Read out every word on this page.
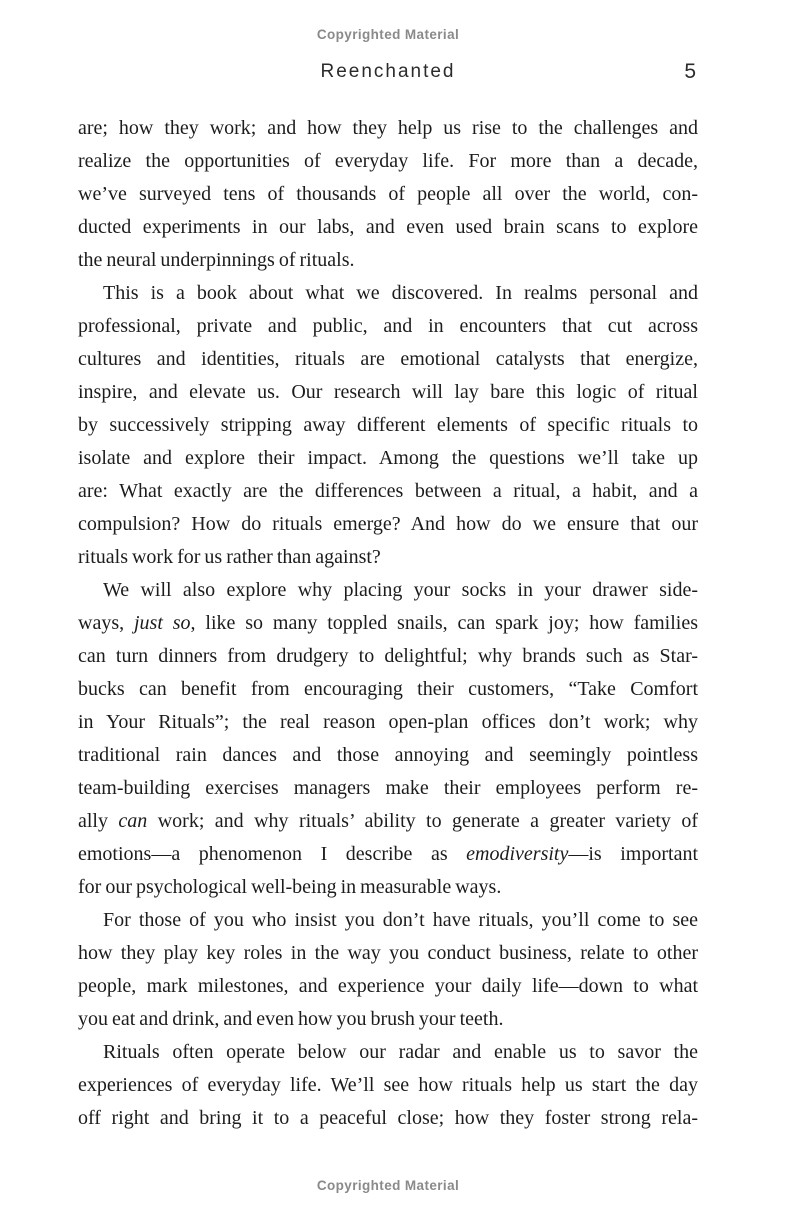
Copyrighted Material
Reenchanted	5
are; how they work; and how they help us rise to the challenges and
realize the opportunities of everyday life. For more than a decade,
we’ve surveyed tens of thousands of people all over the world, con-
ducted experiments in our labs, and even used brain scans to explore
the neural underpinnings of rituals.
This is a book about what we discovered. In realms personal and
professional, private and public, and in encounters that cut across
cultures and identities, rituals are emotional catalysts that energize,
inspire, and elevate us. Our research will lay bare this logic of ritual
by successively stripping away different elements of specific rituals to
isolate and explore their impact. Among the questions we’ll take up
are: What exactly are the differences between a ritual, a habit, and a
compulsion? How do rituals emerge? And how do we ensure that our
rituals work for us rather than against?
We will also explore why placing your socks in your drawer side-
ways, just so, like so many toppled snails, can spark joy; how families
can turn dinners from drudgery to delightful; why brands such as Star-
bucks can benefit from encouraging their customers, “Take Comfort
in Your Rituals”; the real reason open-plan offices don’t work; why
traditional rain dances and those annoying and seemingly pointless
team-building exercises managers make their employees perform re-
ally can work; and why rituals’ ability to generate a greater variety of
emotions—a phenomenon I describe as emodiversity—is important
for our psychological well-being in measurable ways.
For those of you who insist you don’t have rituals, you’ll come to see
how they play key roles in the way you conduct business, relate to other
people, mark milestones, and experience your daily life—down to what
you eat and drink, and even how you brush your teeth.
Rituals often operate below our radar and enable us to savor the
experiences of everyday life. We’ll see how rituals help us start the day
off right and bring it to a peaceful close; how they foster strong rela-
Copyrighted Material
